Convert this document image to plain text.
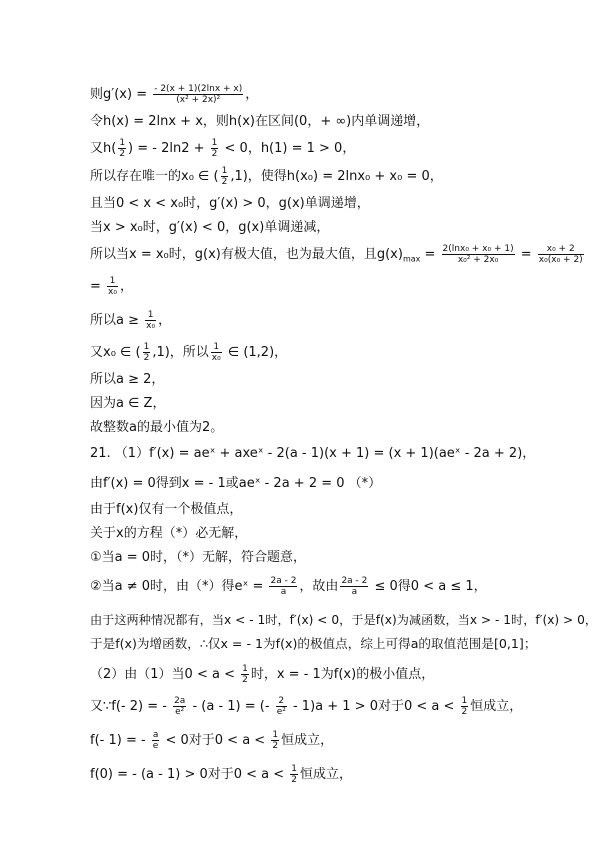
则$g'(x) = \frac{- 2(x + 1)(2\ln x + x)}{\text{(x² + 2x)²}}$ ，
令h(x) = 2lnx + x，则h(x)在区间(0，+ ∞)内单调递增，
又$h( \frac{1}{2}$ ) = - $2\ln 2 + \frac{1}{2} < 0$，h(1) = 1 > 0，
所以存在唯一的x₀ ∈ ( $\frac{1}{2} ,1$)，使得h(x₀) = 2lnx₀ + x₀ = 0，
且当0 < x < x₀时，g′(x) > 0，g(x)单调递增，
当x > x₀时，g′(x) < 0，g(x)单调递减，
所以当x = x₀时，g(x)有极大值，也为最大值，且$g(x)_{max} = \frac{\text{2(lnx₀ + x₀ + 1)}}{\text{x₀² + 2x₀}} = \frac{\text{x₀ + 2}}{\text{x₀(x₀ + 2)}}$
= $\frac{1}{\text{x₀}}$ ，
所以$a \ge \frac{1}{\text{x₀}}$ ，
又x₀ ∈ ( $\frac{1}{2} ,1$)，所以 $\frac{1}{\text{x₀}}$ ∈ (1,2)，
所以a ≥ 2，
因为a ∈ Z，
故整数a的最小值为2。
21. （1）f′(x) = aeˣ + axeˣ - 2(a - 1)(x + 1) = (x + 1)(aeˣ - 2a + 2)，
由f′(x) = 0得到x = - 1或aeˣ - 2a + 2 = 0 （*）
由于f(x)仅有一个极值点，
关于x的方程（*）必无解，
①当a = 0时，（*）无解，符合题意，
②当a ≠ 0时，由（*）得eˣ = $\frac{2a - 2}{a}$ ，故由 $\frac{2a - 2}{a} \le 0$得0 < a ≤ 1，
由于这两种情况都有，当x < - 1时，f′(x) < 0，于是f(x)为减函数，当x > - 1时，f′(x) > 0，
于是f(x)为增函数，∴仅x = - 1为f(x)的极值点，综上可得a的取值范围是[0,1]；
（2）由（1）当$0 < a < \frac{1}{2}$ 时，x = - 1为f(x)的极小值点，
又∵f(- 2) = - $\frac{2a}{\text{e²}} - (a - 1)$ = (- $\frac{2}{\text{e²}} - 1)a + 1 > 0$对于$0 < a < \frac{1}{2}$ 恒成立，
f(- 1) = - $\frac{a}{e} < 0$对于$0 < a < \frac{1}{2}$ 恒成立，
f(0) = - (a - 1) > 0对于$0 < a < \frac{1}{2}$ 恒成立，
